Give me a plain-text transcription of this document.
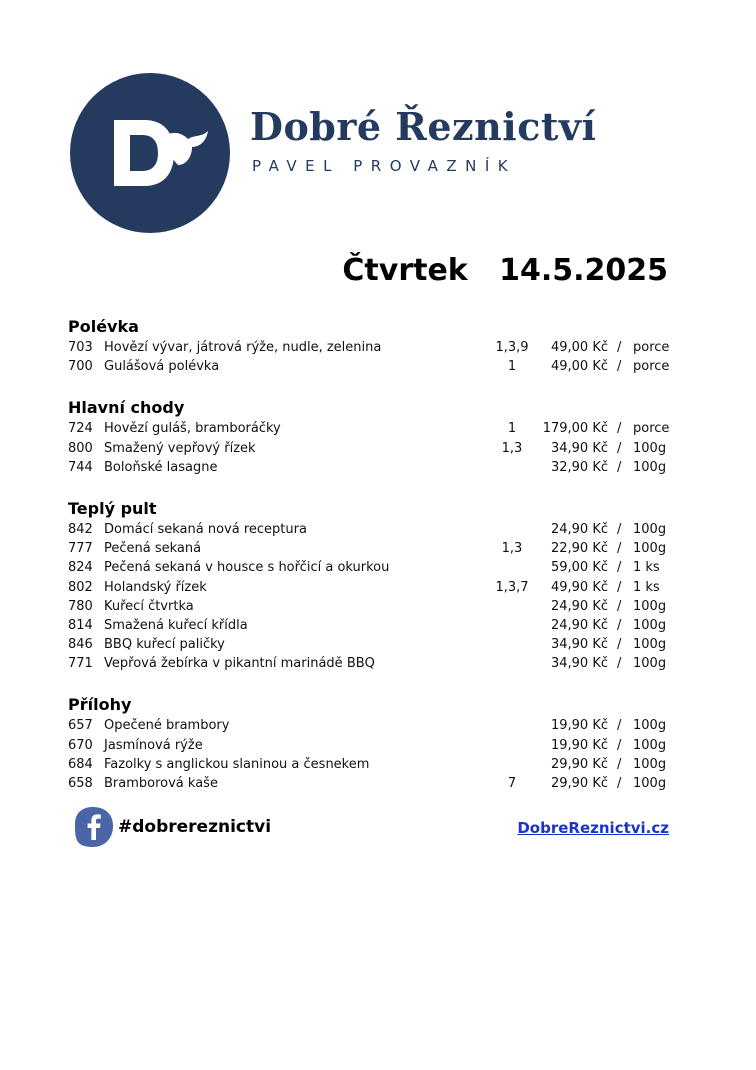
Dobré Řeznictví
PAVEL PROVAZNÍK
Čtvrtek   14.5.2025
Polévka
703 Hovězí vývar, játrová rýže, nudle, zelenina	1,3,9	49,00 Kč / porce
700 Gulášová polévka	1	49,00 Kč / porce
Hlavní chody
724 Hovězí guláš, bramboráčky	1	179,00 Kč / porce
800 Smažený vepřový řízek	1,3	34,90 Kč / 100g
744 Boloňské lasagne	32,90 Kč / 100g
Teplý pult
842 Domácí sekaná nová receptura	24,90 Kč / 100g
777 Pečená sekaná	1,3	22,90 Kč / 100g
824 Pečená sekaná v housce s hořčicí a okurkou	59,00 Kč / 1 ks
802 Holandský řízek	1,3,7	49,90 Kč / 1 ks
780 Kuřecí čtvrtka	24,90 Kč / 100g
814 Smažená kuřecí křídla	24,90 Kč / 100g
846 BBQ kuřecí paličky	34,90 Kč / 100g
771 Vepřová žebírka v pikantní marinádě BBQ	34,90 Kč / 100g
Přílohy
657 Opečené brambory	19,90 Kč / 100g
670 Jasmínová rýže	19,90 Kč / 100g
684 Fazolky s anglickou slaninou a česnekem	29,90 Kč / 100g
658 Bramborová kaše	7	29,90 Kč / 100g
#dobrereznictvi	DobreReznictvi.cz
